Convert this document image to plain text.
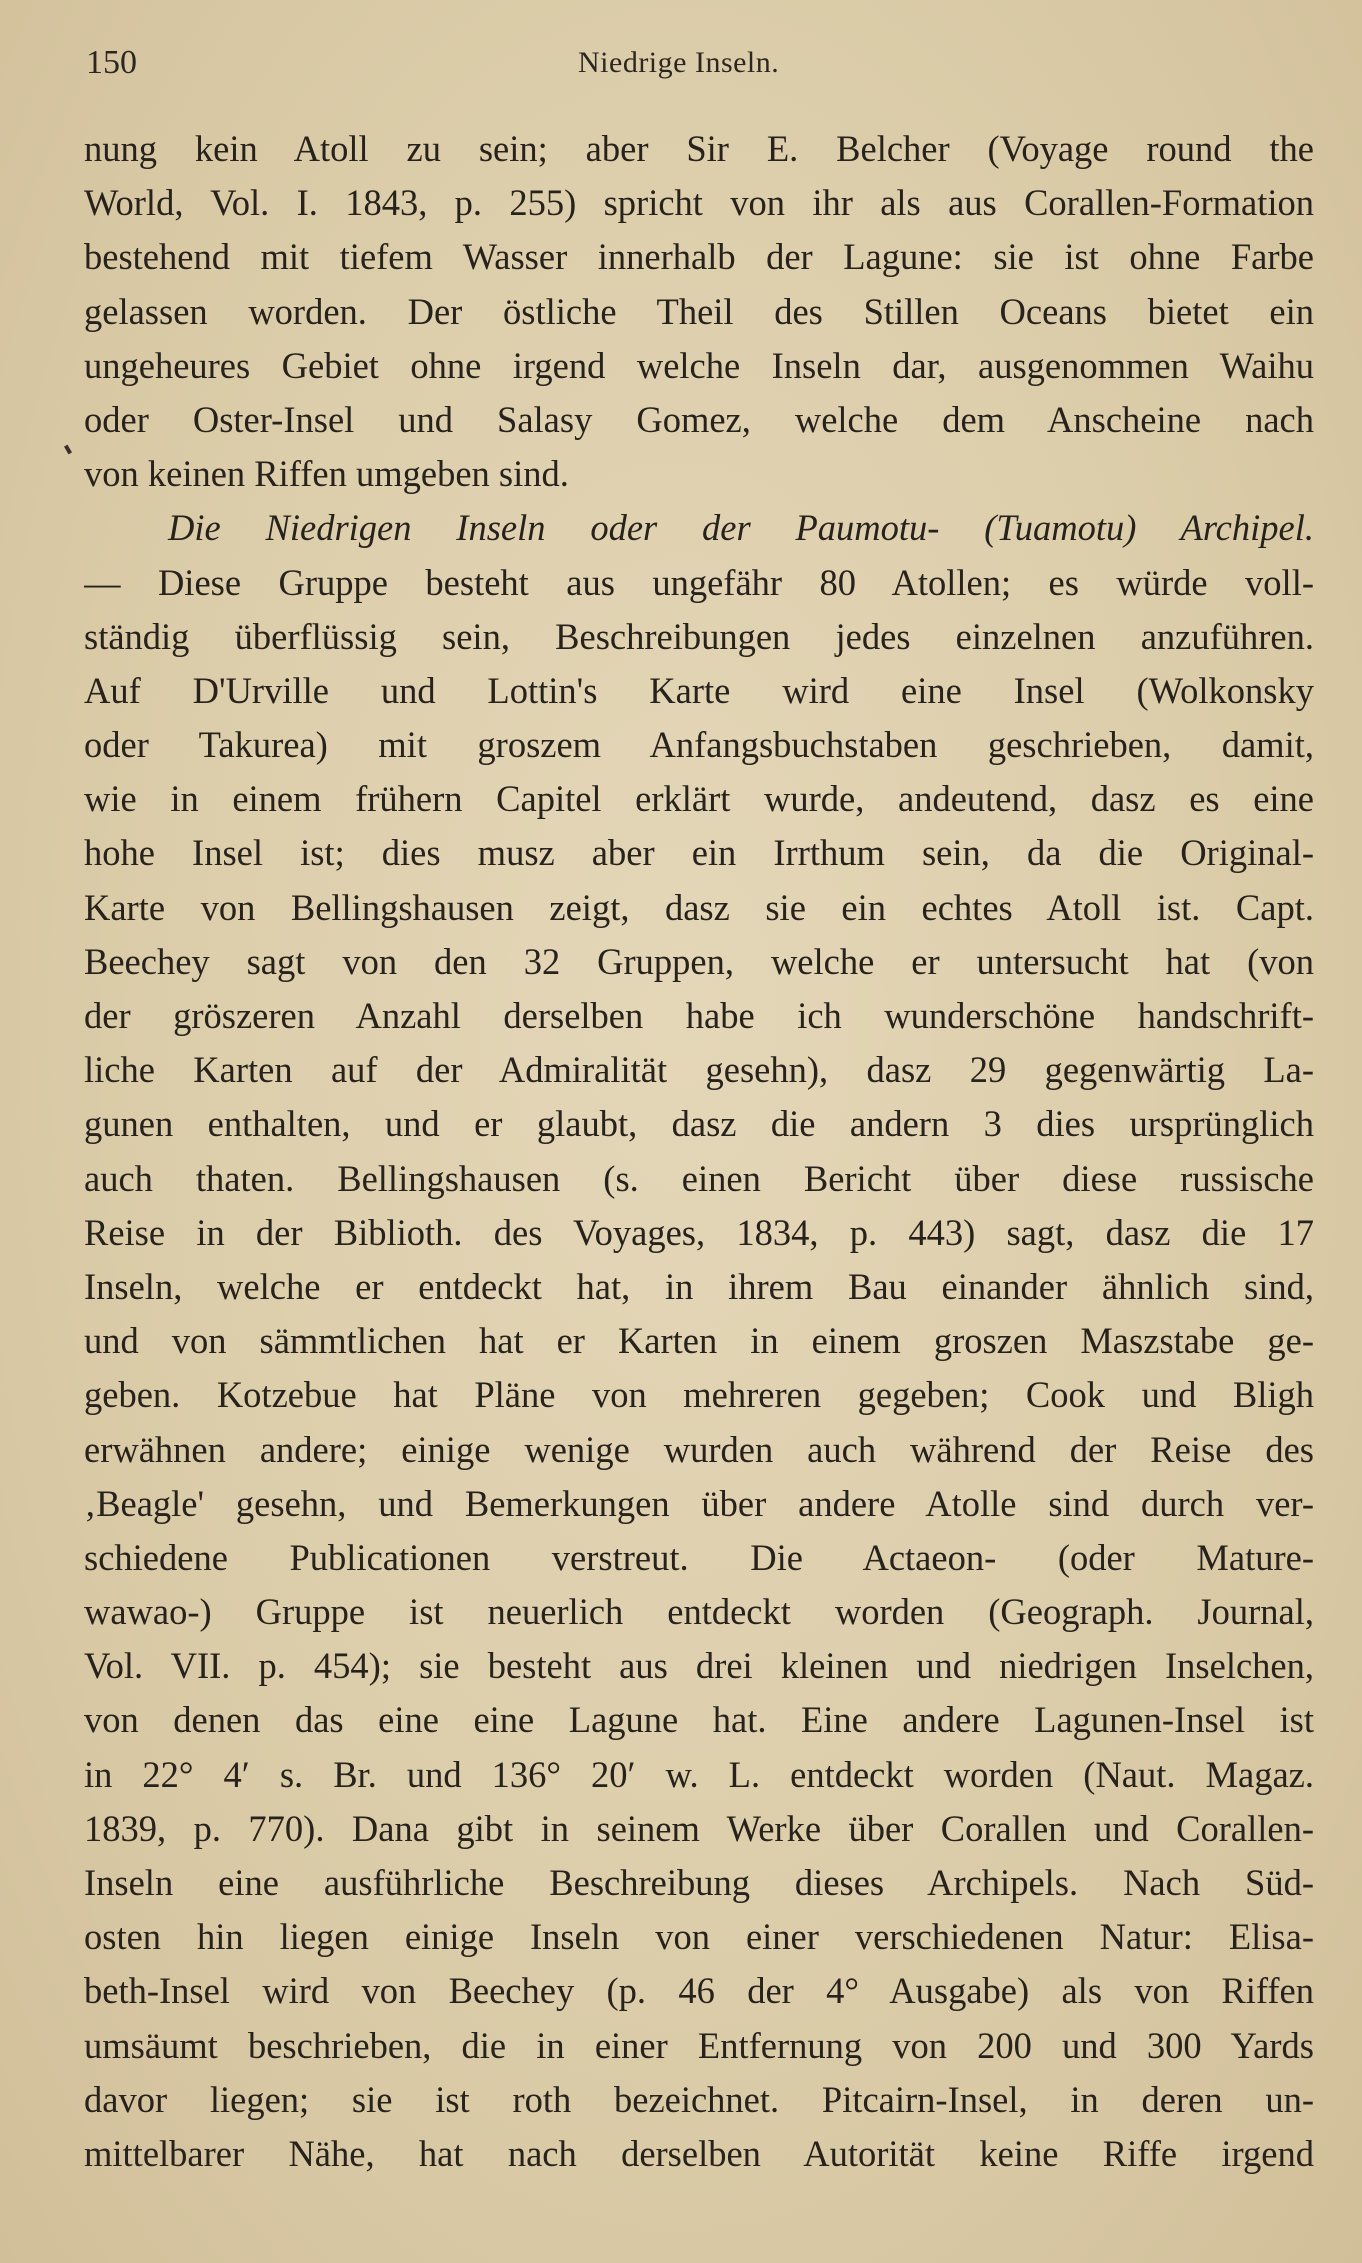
150	Niedrige Inseln.
nung kein Atoll zu sein; aber Sir E. Belcher (Voyage round the
World, Vol. I. 1843, p. 255) spricht von ihr als aus Corallen-Formation
bestehend mit tiefem Wasser innerhalb der Lagune: sie ist ohne Farbe
gelassen worden. Der östliche Theil des Stillen Oceans bietet ein
ungeheures Gebiet ohne irgend welche Inseln dar, ausgenommen Waihu
oder Oster-Insel und Salasy Gomez, welche dem Anscheine nach
von keinen Riffen umgeben sind.
Die Niedrigen Inseln oder der Paumotu- (Tuamotu) Archipel.
— Diese Gruppe besteht aus ungefähr 80 Atollen; es würde voll-
ständig überflüssig sein, Beschreibungen jedes einzelnen anzuführen.
Auf D'Urville und Lottin's Karte wird eine Insel (Wolkonsky
oder Takurea) mit groszem Anfangsbuchstaben geschrieben, damit,
wie in einem frühern Capitel erklärt wurde, andeutend, dasz es eine
hohe Insel ist; dies musz aber ein Irrthum sein, da die Original-
Karte von Bellingshausen zeigt, dasz sie ein echtes Atoll ist. Capt.
Beechey sagt von den 32 Gruppen, welche er untersucht hat (von
der gröszeren Anzahl derselben habe ich wunderschöne handschrift-
liche Karten auf der Admiralität gesehn), dasz 29 gegenwärtig La-
gunen enthalten, und er glaubt, dasz die andern 3 dies ursprünglich
auch thaten. Bellingshausen (s. einen Bericht über diese russische
Reise in der Biblioth. des Voyages, 1834, p. 443) sagt, dasz die 17
Inseln, welche er entdeckt hat, in ihrem Bau einander ähnlich sind,
und von sämmtlichen hat er Karten in einem groszen Maszstabe ge-
geben. Kotzebue hat Pläne von mehreren gegeben; Cook und Bligh
erwähnen andere; einige wenige wurden auch während der Reise des
‚Beagle' gesehn, und Bemerkungen über andere Atolle sind durch ver-
schiedene Publicationen verstreut. Die Actaeon- (oder Mature-
wawao-) Gruppe ist neuerlich entdeckt worden (Geograph. Journal,
Vol. VII. p. 454); sie besteht aus drei kleinen und niedrigen Inselchen,
von denen das eine eine Lagune hat. Eine andere Lagunen-Insel ist
in 22° 4′ s. Br. und 136° 20′ w. L. entdeckt worden (Naut. Magaz.
1839, p. 770). Dana gibt in seinem Werke über Corallen und Corallen-
Inseln eine ausführliche Beschreibung dieses Archipels. Nach Süd-
osten hin liegen einige Inseln von einer verschiedenen Natur: Elisa-
beth-Insel wird von Beechey (p. 46 der 4° Ausgabe) als von Riffen
umsäumt beschrieben, die in einer Entfernung von 200 und 300 Yards
davor liegen; sie ist roth bezeichnet. Pitcairn-Insel, in deren un-
mittelbarer Nähe, hat nach derselben Autorität keine Riffe irgend
